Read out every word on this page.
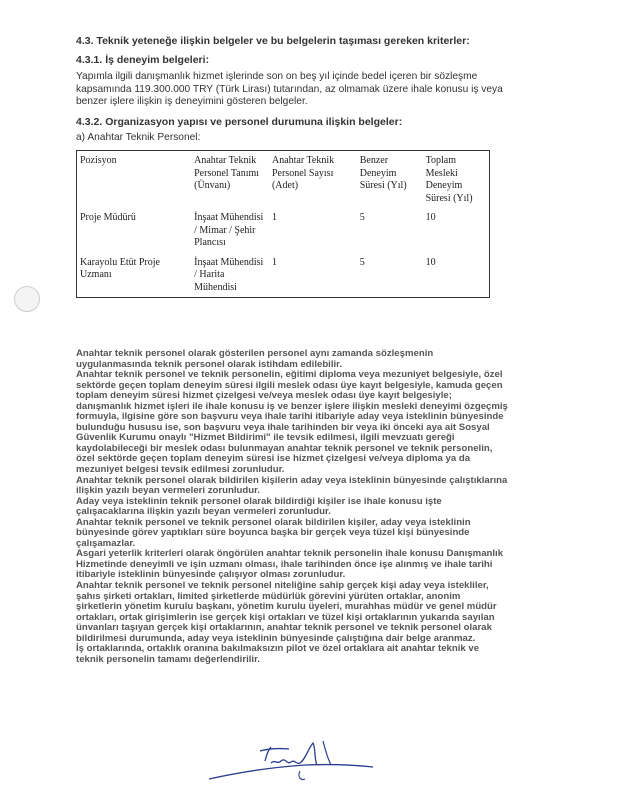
4.3. Teknik yeteneğe ilişkin belgeler ve bu belgelerin taşıması gereken kriterler:
4.3.1. İş deneyim belgeleri:
Yapımla ilgili danışmanlık hizmet işlerinde son on beş yıl içinde bedel içeren bir sözleşme
kapsamında 119.300.000 TRY (Türk Lirası) tutarından, az olmamak üzere ihale konusu iş veya
benzer işlere ilişkin iş deneyimini gösteren belgeler.
4.3.2. Organizasyon yapısı ve personel durumuna ilişkin belgeler:
a) Anahtar Teknik Personel:
Pozisyon	Anahtar Teknik Personel Tanımı (Ünvanı)	Anahtar Teknik Personel Sayısı (Adet)	Benzer Deneyim Süresi (Yıl)	Toplam Mesleki Deneyim Süresi (Yıl)
Proje Müdürü	İnşaat Mühendisi / Mimar / Şehir Plancısı	1	5	10
Karayolu Etüt Proje Uzmanı	İnşaat Mühendisi / Harita Mühendisi	1	5	10
Anahtar teknik personel olarak gösterilen personel aynı zamanda sözleşmenin
uygulanmasında teknik personel olarak istihdam edilebilir.
Anahtar teknik personel ve teknik personelin, eğitimi diploma veya mezuniyet belgesiyle, özel
sektörde geçen toplam deneyim süresi ilgili meslek odası üye kayıt belgesiyle, kamuda geçen
toplam deneyim süresi hizmet çizelgesi ve/veya meslek odası üye kayıt belgesiyle;
danışmanlık hizmet işleri ile ihale konusu iş ve benzer işlere ilişkin mesleki deneyimi özgeçmiş
formuyla, ilgisine göre son başvuru veya ihale tarihi itibariyle aday veya isteklinin bünyesinde
bulunduğu hususu ise, son başvuru veya ihale tarihinden bir veya iki önceki aya ait Sosyal
Güvenlik Kurumu onaylı "Hizmet Bildirimi" ile tevsik edilmesi, ilgili mevzuatı gereği
kaydolabileceği bir meslek odası bulunmayan anahtar teknik personel ve teknik personelin,
özel sektörde geçen toplam deneyim süresi ise hizmet çizelgesi ve/veya diploma ya da
mezuniyet belgesi tevsik edilmesi zorunludur.
Anahtar teknik personel olarak bildirilen kişilerin aday veya isteklinin bünyesinde çalıştıklarına
ilişkin yazılı beyan vermeleri zorunludur.
Aday veya isteklinin teknik personel olarak bildirdiği kişiler ise ihale konusu işte
çalışacaklarına ilişkin yazılı beyan vermeleri zorunludur.
Anahtar teknik personel ve teknik personel olarak bildirilen kişiler, aday veya isteklinin
bünyesinde görev yaptıkları süre boyunca başka bir gerçek veya tüzel kişi bünyesinde
çalışamazlar.
Asgari yeterlik kriterleri olarak öngörülen anahtar teknik personelin ihale konusu Danışmanlık
Hizmetinde deneyimli ve işin uzmanı olması, ihale tarihinden önce işe alınmış ve ihale tarihi
itibariyle isteklinin bünyesinde çalışıyor olması zorunludur.
Anahtar teknik personel ve teknik personel niteliğine sahip gerçek kişi aday veya istekliler,
şahıs şirketi ortakları, limited şirketlerde müdürlük görevini yürüten ortaklar, anonim
şirketlerin yönetim kurulu başkanı, yönetim kurulu üyeleri, murahhas müdür ve genel müdür
ortakları, ortak girişimlerin ise gerçek kişi ortakları ve tüzel kişi ortaklarının yukarıda sayılan
ünvanları taşıyan gerçek kişi ortaklarının, anahtar teknik personel ve teknik personel olarak
bildirilmesi durumunda, aday veya isteklinin bünyesinde çalıştığına dair belge aranmaz.
İş ortaklarında, ortaklık oranına bakılmaksızın pilot ve özel ortaklara ait anahtar teknik ve
teknik personelin tamamı değerlendirilir.
